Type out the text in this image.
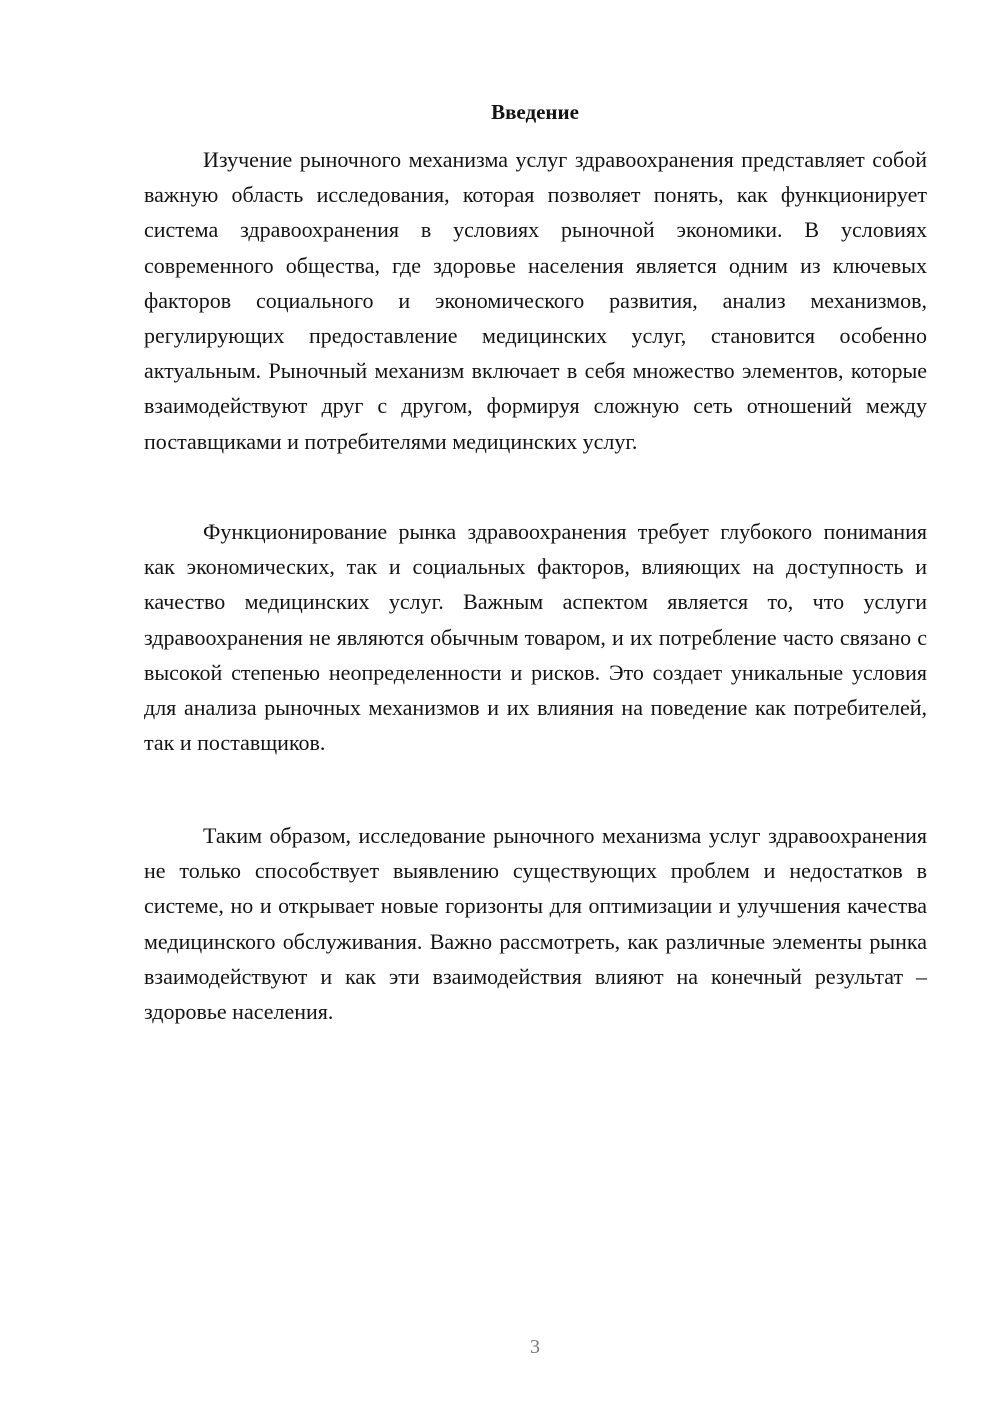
Введение

Изучение рыночного механизма услуг здравоохранения представляет собой важную область исследования, которая позволяет понять, как функционирует система здравоохранения в условиях рыночной экономики. В условиях современного общества, где здоровье населения является одним из ключевых факторов социального и экономического развития, анализ механизмов, регулирующих предоставление медицинских услуг, становится особенно актуальным. Рыночный механизм включает в себя множество элементов, которые взаимодействуют друг с другом, формируя сложную сеть отношений между поставщиками и потребителями медицинских услуг.

Функционирование рынка здравоохранения требует глубокого понимания как экономических, так и социальных факторов, влияющих на доступность и качество медицинских услуг. Важным аспектом является то, что услуги здравоохранения не являются обычным товаром, и их потребление часто связано с высокой степенью неопределенности и рисков. Это создает уникальные условия для анализа рыночных механизмов и их влияния на поведение как потребителей, так и поставщиков.

Таким образом, исследование рыночного механизма услуг здравоохранения не только способствует выявлению существующих проблем и недостатков в системе, но и открывает новые горизонты для оптимизации и улучшения качества медицинского обслуживания. Важно рассмотреть, как различные элементы рынка взаимодействуют и как эти взаимодействия влияют на конечный результат – здоровье населения.

3
